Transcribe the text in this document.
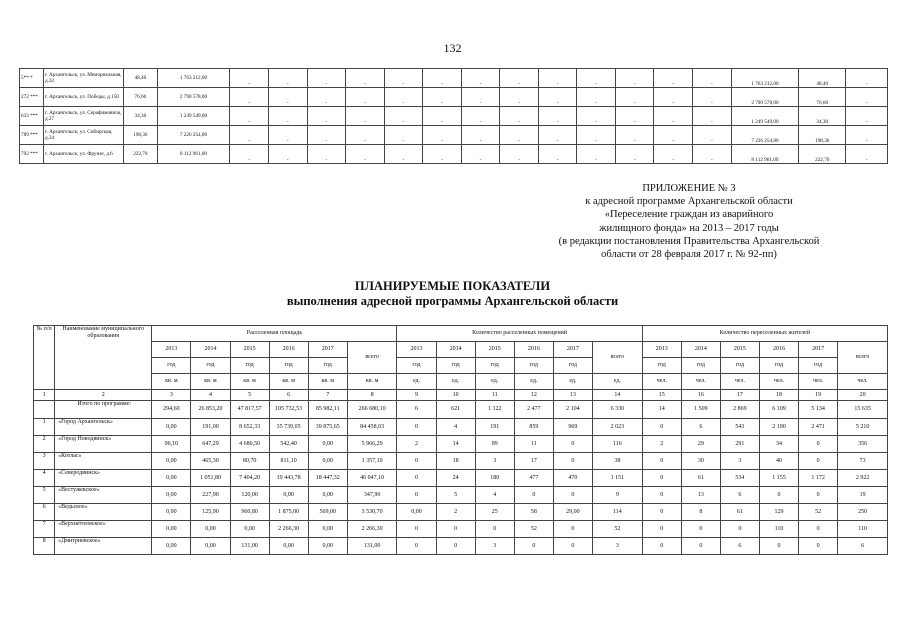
132
5** *	г. Архангельск, ул. Мемориальная, д.32	48,40	1 763 212,00	-	-	-	-	-	-	-	-	-	-	-	-	-	1 763 212,00	48,40	-
272 ***	г. Архангельск, ул. Победы, д.150	76,60	2 790 578,00	-	-	-	-	-	-	-	-	-	-	-	-	-	2 790 578,00	76,60	-
633 ***	г. Архангельск, ул. Серафимовича, д.27	34,30	1 249 549,00	-	-	-	-	-	-	-	-	-	-	-	-	-	1 249 549,00	34,30	-
789 ***	г. Архангельск, ул. Сибирская, д.34	198,36	7 226 254,80	-	-	-	-	-	-	-	-	-	-	-	-	-	7 226 254,80	198,36	-
792 ***	г. Архангельск, ул. Фрунзе, д.6	222,70	8 112 961,00	-	-	-	-	-	-	-	-	-	-	-	-	-	8 112 961,00	222,70	-
ПРИЛОЖЕНИЕ № 3
к адресной программе Архангельской области
«Переселение граждан из аварийного
жилищного фонда» на 2013 – 2017 годы
(в редакции постановления Правительства Архангельской
области от 28 февраля 2017 г. № 92-пп)
ПЛАНИРУЕМЫЕ ПОКАЗАТЕЛИ
выполнения адресной программы Архангельской области
№ п/п	Наименование муниципального образования	Расселенная площадь						Количество расселенных помещений						Количество переселенных жителей					
		2013	2014	2015	2016	2017	всего	2013	2014	2015	2016	2017	всего	2013	2014	2015	2016	2017	всего
		год	год	год	год	год		год	год	год	год	год		год	год	год	год	год	
		кв. м	кв. м	кв. м	кв. м	кв. м	кв. м	ед.	ед.	ед.	ед.	ед.	ед.	чел.	чел.	чел.	чел.	чел.	чел.
1	2	3	4	5	6	7	8	9	10	11	12	13	14	15	16	17	18	19	20
	Итого по программе:	294,60	26 853,20	47 817,57	105 732,53	85 982,11	266 680,10	6	621	1 122	2 477	2 104	6 330	14	1 509	2 869	6 109	5 134	15 635
1	«Город Архангельск»	0,00	191,00	8 652,33	35 739,05	39 875,65	84 458,03	0	4	191	859	969	2 023	0	6	543	2 190	2 471	5 210
2	«Город Новодвинск»	96,10	647,29	4 680,50	542,40	0,00	5 966,29	2	14	89	11	0	116	2	29	291	34	0	356
3	«Котлас»	0,00	465,30	80,70	811,10	0,00	1 357,10	0	18	3	17	0	38	0	30	3	40	0	73
4	«Северодвинск»	0,00	1 051,80	7 404,20	19 443,78	18 447,32	46 047,10	0	24	180	477	470	1 151	0	61	534	1 155	1 172	2 922
5	«Вестужевское»	0,00	227,90	120,00	0,00	0,00	347,90	0	5	4	0	0	9	0	13	6	0	0	19
6	«Ведьское»	0,00	125,90	960,80	1 875,00	569,00	3 530,70	0,00	2	25	58	29,00	114	0	8	61	129	52	250
7	«Верхнетоемское»	0,00	0,00	0,00	2 266,30	0,00	2 266,30	0	0	0	52	0	52	0	0	0	110	0	110
8	«Дмитриевское»	0,00	0,00	131,00	0,00	0,00	131,00	0	0	3	0	0	3	0	0	6	0	0	6
